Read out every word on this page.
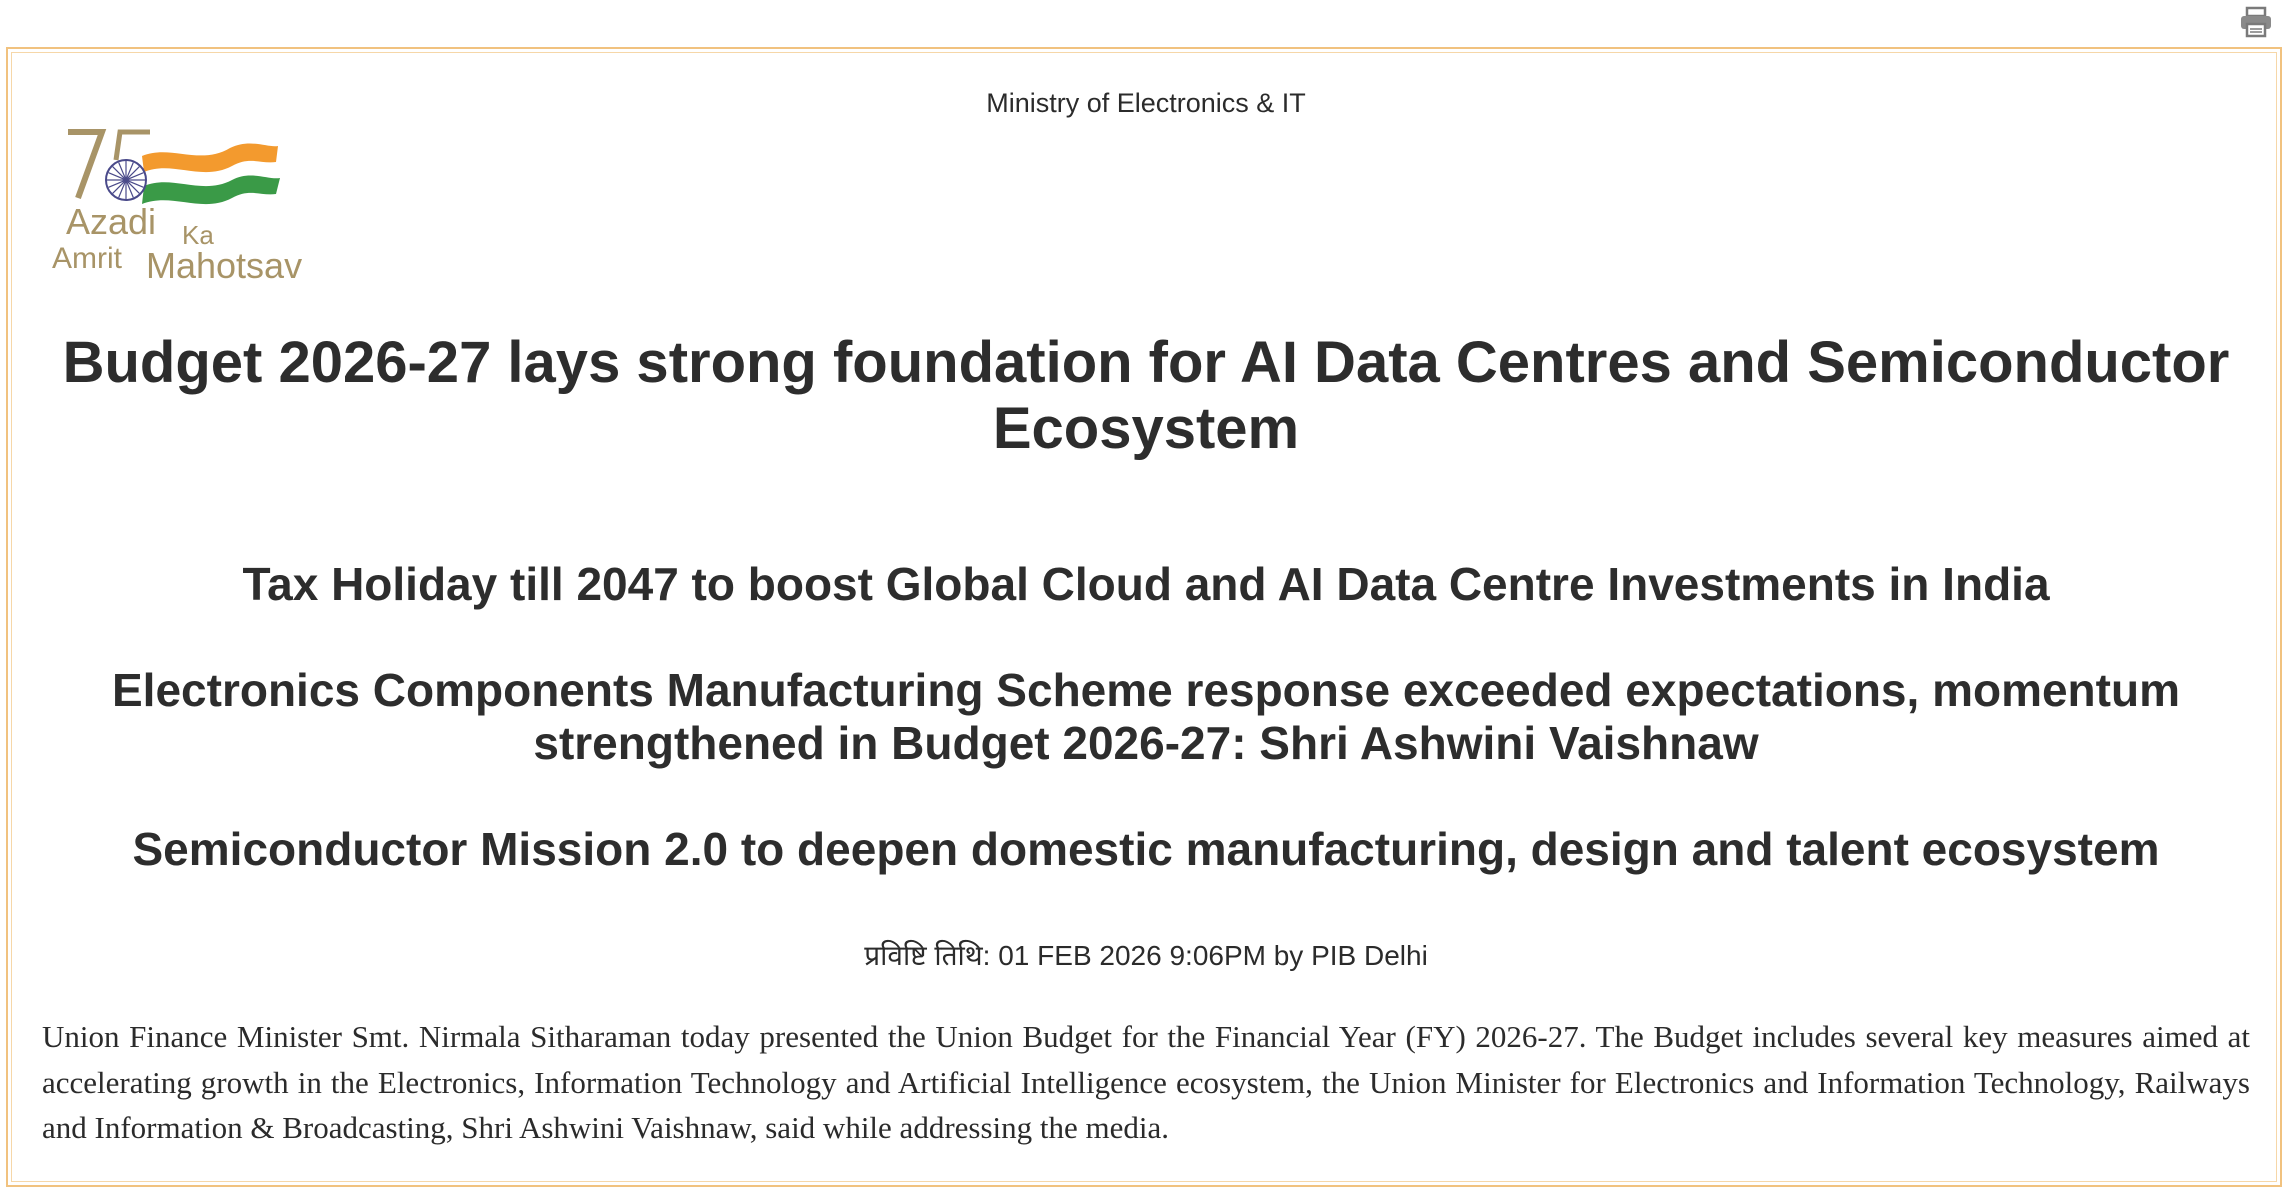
Ministry of Electronics & IT
Azadi Ka
Amrit Mahotsav
Budget 2026-27 lays strong foundation for AI Data Centres and Semiconductor Ecosystem
Tax Holiday till 2047 to boost Global Cloud and AI Data Centre Investments in India
Electronics Components Manufacturing Scheme response exceeded expectations, momentum strengthened in Budget 2026-27: Shri Ashwini Vaishnaw
Semiconductor Mission 2.0 to deepen domestic manufacturing, design and talent ecosystem
प्रविष्टि तिथि: 01 FEB 2026 9:06PM by PIB Delhi

Union Finance Minister Smt. Nirmala Sitharaman today presented the Union Budget for the Financial Year (FY) 2026-27. The Budget includes several key measures aimed at accelerating growth in the Electronics, Information Technology and Artificial Intelligence ecosystem, the Union Minister for Electronics and Information Technology, Railways and Information & Broadcasting, Shri Ashwini Vaishnaw, said while addressing the media.
